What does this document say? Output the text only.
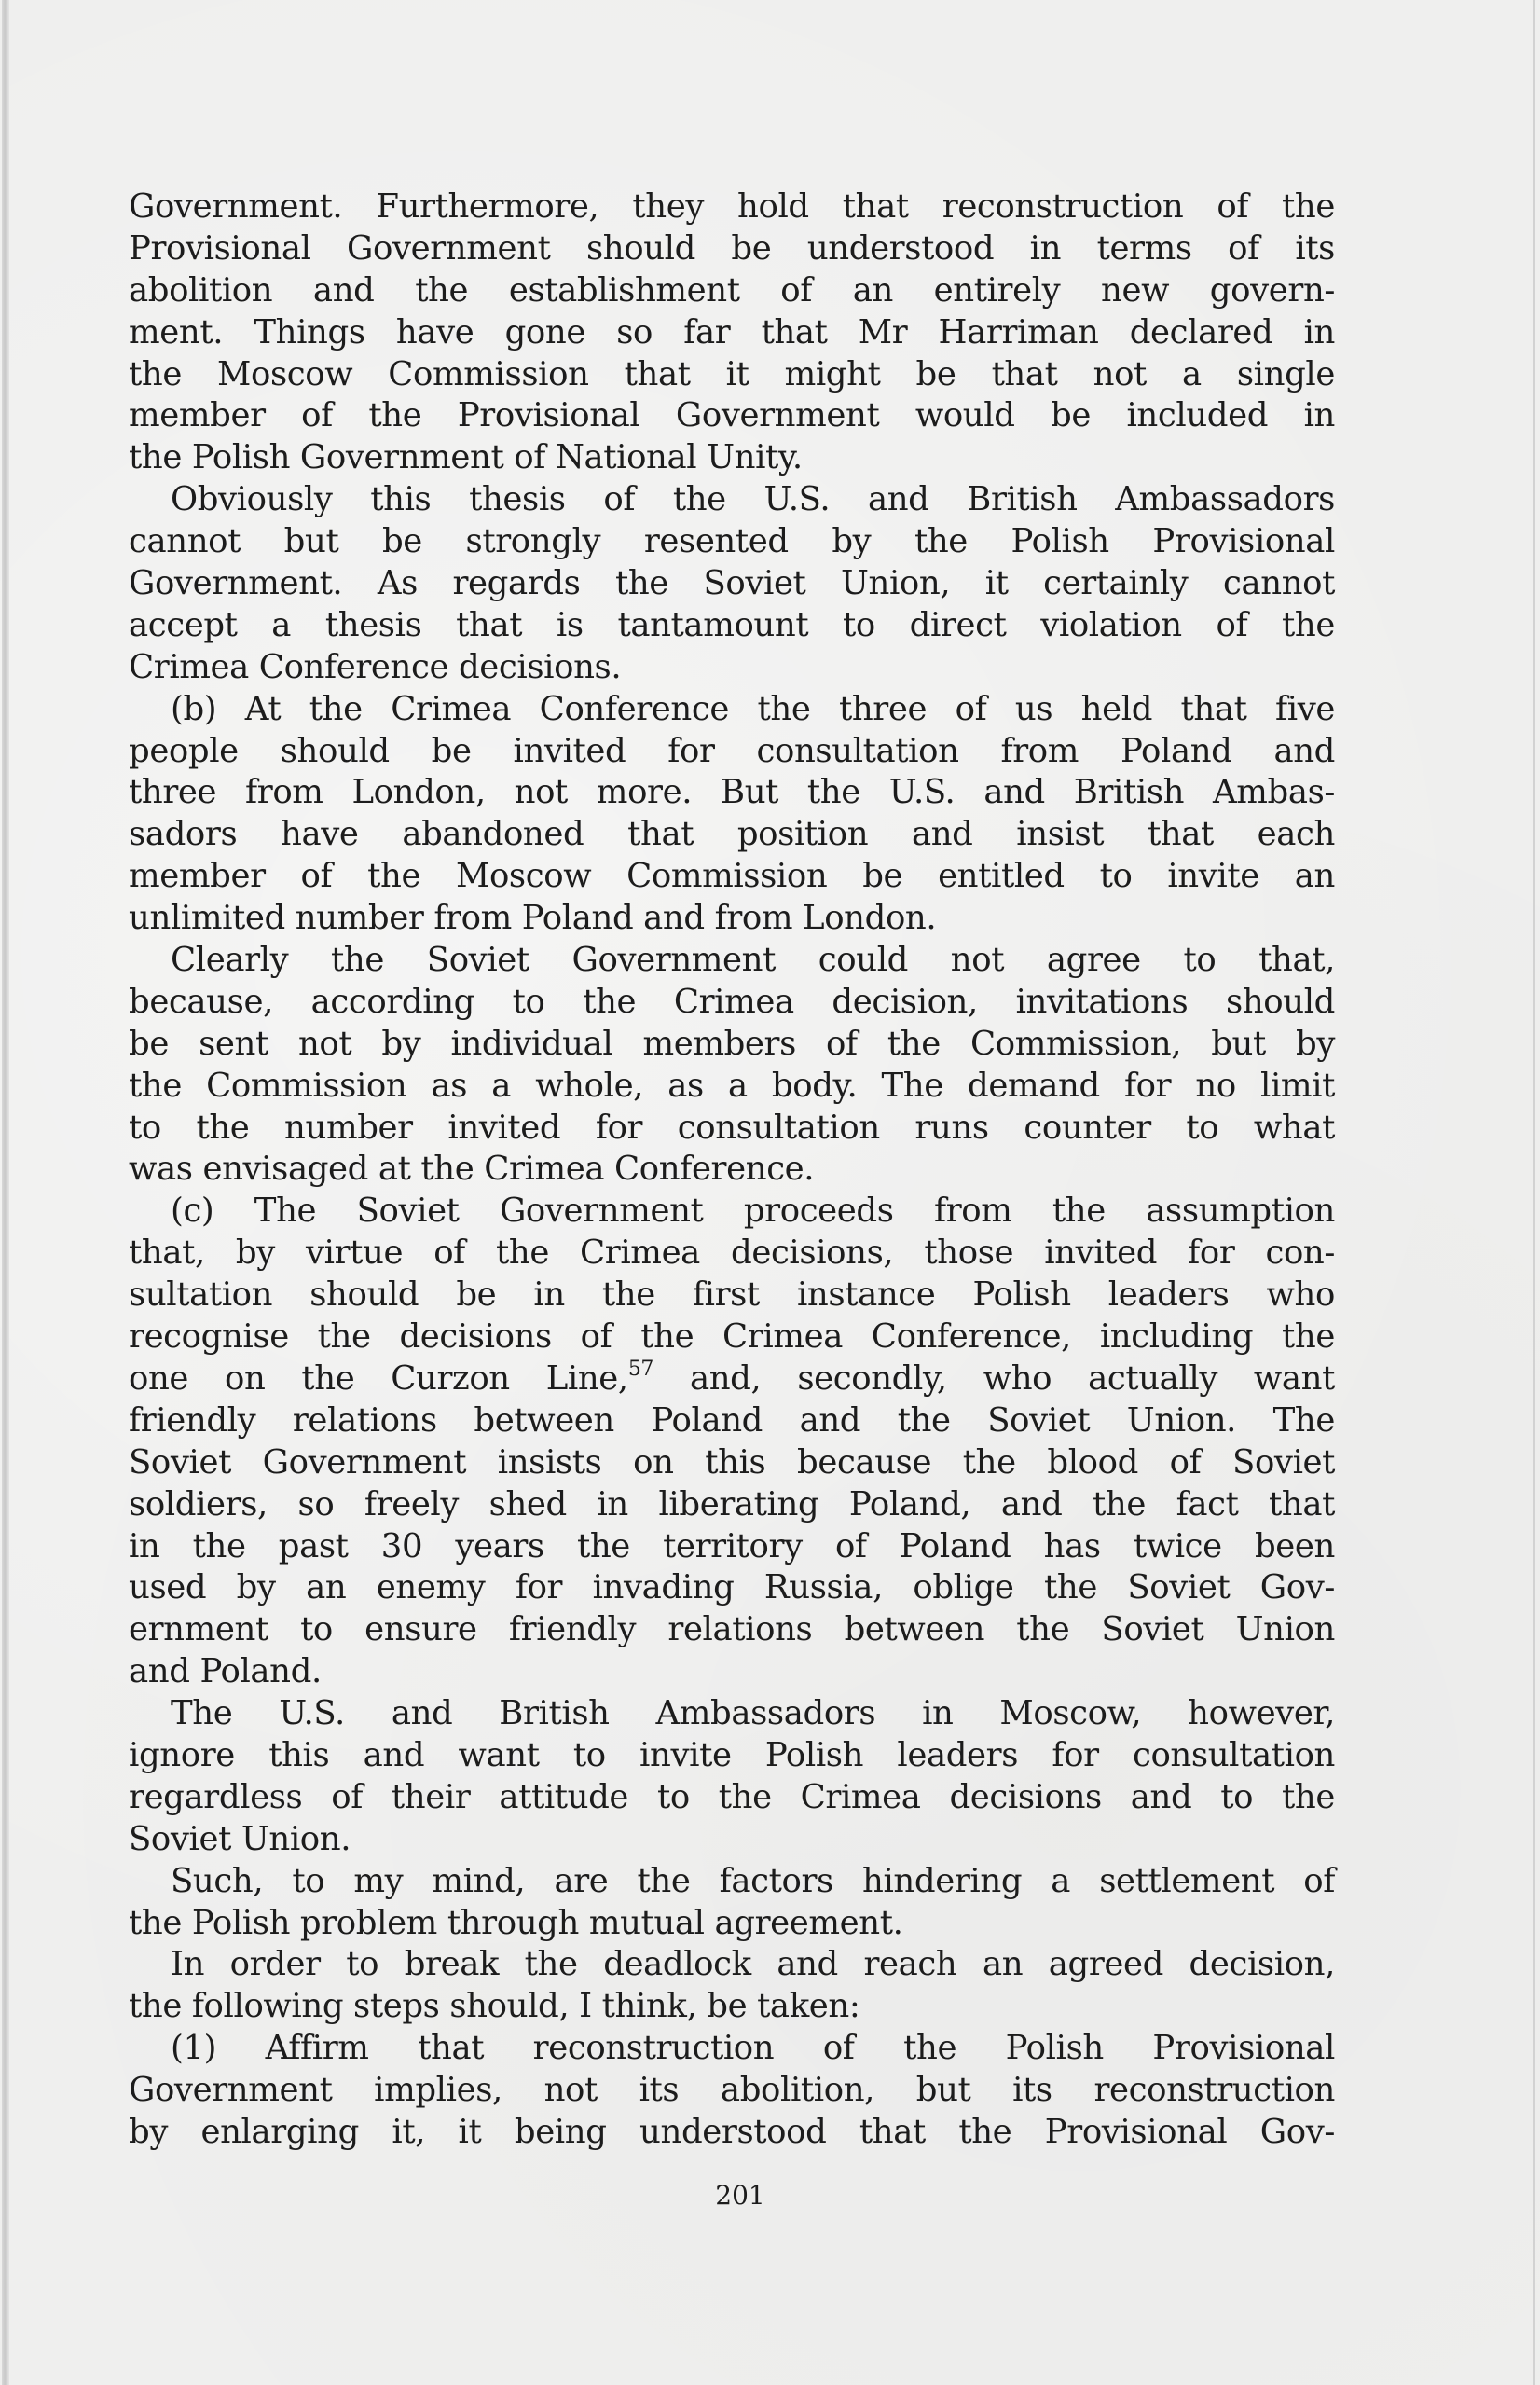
Government. Furthermore, they hold that reconstruction of the
Provisional Government should be understood in terms of its
abolition and the establishment of an entirely new govern-
ment. Things have gone so far that Mr Harriman declared in
the Moscow Commission that it might be that not a single
member of the Provisional Government would be included in
the Polish Government of National Unity.
Obviously this thesis of the U.S. and British Ambassadors
cannot but be strongly resented by the Polish Provisional
Government. As regards the Soviet Union, it certainly cannot
accept a thesis that is tantamount to direct violation of the
Crimea Conference decisions.
(b) At the Crimea Conference the three of us held that five
people should be invited for consultation from Poland and
three from London, not more. But the U.S. and British Ambas-
sadors have abandoned that position and insist that each
member of the Moscow Commission be entitled to invite an
unlimited number from Poland and from London.
Clearly the Soviet Government could not agree to that,
because, according to the Crimea decision, invitations should
be sent not by individual members of the Commission, but by
the Commission as a whole, as a body. The demand for no limit
to the number invited for consultation runs counter to what
was envisaged at the Crimea Conference.
(c) The Soviet Government proceeds from the assumption
that, by virtue of the Crimea decisions, those invited for con-
sultation should be in the first instance Polish leaders who
recognise the decisions of the Crimea Conference, including the
one on the Curzon Line,$^{57}$ and, secondly, who actually want
friendly relations between Poland and the Soviet Union. The
Soviet Government insists on this because the blood of Soviet
soldiers, so freely shed in liberating Poland, and the fact that
in the past 30 years the territory of Poland has twice been
used by an enemy for invading Russia, oblige the Soviet Gov-
ernment to ensure friendly relations between the Soviet Union
and Poland.
The U.S. and British Ambassadors in Moscow, however,
ignore this and want to invite Polish leaders for consultation
regardless of their attitude to the Crimea decisions and to the
Soviet Union.
Such, to my mind, are the factors hindering a settlement of
the Polish problem through mutual agreement.
In order to break the deadlock and reach an agreed decision,
the following steps should, I think, be taken:
(1) Affirm that reconstruction of the Polish Provisional
Government implies, not its abolition, but its reconstruction
by enlarging it, it being understood that the Provisional Gov-
201
